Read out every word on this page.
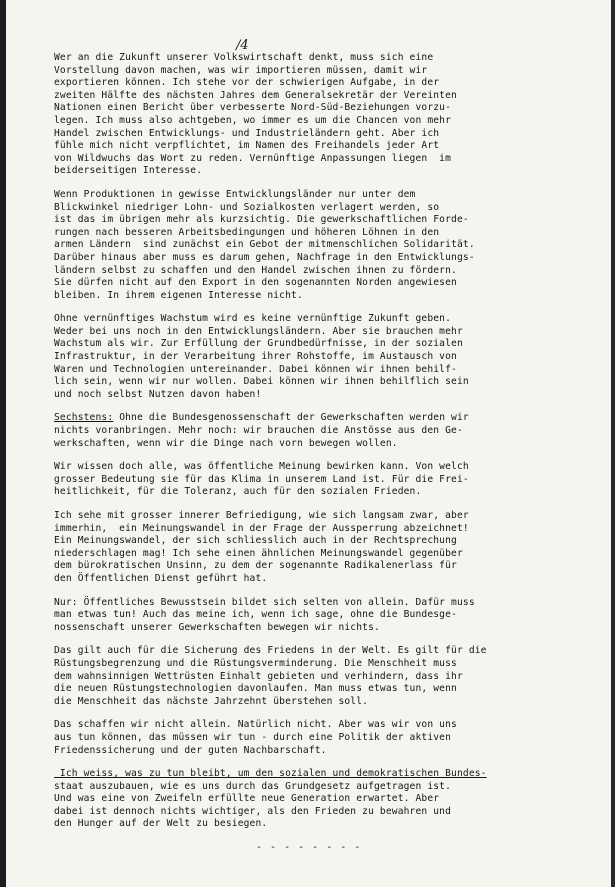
/4
Wer an die Zukunft unserer Volkswirtschaft denkt, muss sich eine
Vorstellung davon machen, was wir importieren müssen, damit wir
exportieren können. Ich stehe vor der schwierigen Aufgabe, in der
zweiten Hälfte des nächsten Jahres dem Generalsekretär der Vereinten
Nationen einen Bericht über verbesserte Nord-Süd-Beziehungen vorzu-
legen. Ich muss also achtgeben, wo immer es um die Chancen von mehr
Handel zwischen Entwicklungs- und Industrieländern geht. Aber ich
fühle mich nicht verpflichtet, im Namen des Freihandels jeder Art
von Wildwuchs das Wort zu reden. Vernünftige Anpassungen liegen  im
beiderseitigen Interesse.
Wenn Produktionen in gewisse Entwicklungsländer nur unter dem
Blickwinkel niedriger Lohn- und Sozialkosten verlagert werden, so
ist das im übrigen mehr als kurzsichtig. Die gewerkschaftlichen Forde-
rungen nach besseren Arbeitsbedingungen und höheren Löhnen in den
armen Ländern  sind zunächst ein Gebot der mitmenschlichen Solidarität.
Darüber hinaus aber muss es darum gehen, Nachfrage in den Entwicklungs-
ländern selbst zu schaffen und den Handel zwischen ihnen zu fördern.
Sie dürfen nicht auf den Export in den sogenannten Norden angewiesen
bleiben. In ihrem eigenen Interesse nicht.
Ohne vernünftiges Wachstum wird es keine vernünftige Zukunft geben.
Weder bei uns noch in den Entwicklungsländern. Aber sie brauchen mehr
Wachstum als wir. Zur Erfüllung der Grundbedürfnisse, in der sozialen
Infrastruktur, in der Verarbeitung ihrer Rohstoffe, im Austausch von
Waren und Technologien untereinander. Dabei können wir ihnen behilf-
lich sein, wenn wir nur wollen. Dabei können wir ihnen behilflich sein
und noch selbst Nutzen davon haben!
Sechstens: Ohne die Bundesgenossenschaft der Gewerkschaften werden wir
nichts voranbringen. Mehr noch: wir brauchen die Anstösse aus den Ge-
werkschaften, wenn wir die Dinge nach vorn bewegen wollen.
Wir wissen doch alle, was öffentliche Meinung bewirken kann. Von welch
grosser Bedeutung sie für das Klima in unserem Land ist. Für die Frei-
heitlichkeit, für die Toleranz, auch für den sozialen Frieden.
Ich sehe mit grosser innerer Befriedigung, wie sich langsam zwar, aber
immerhin,  ein Meinungswandel in der Frage der Aussperrung abzeichnet!
Ein Meinungswandel, der sich schliesslich auch in der Rechtsprechung
niederschlagen mag! Ich sehe einen ähnlichen Meinungswandel gegenüber
dem bürokratischen Unsinn, zu dem der sogenannte Radikalenerlass für
den Öffentlichen Dienst geführt hat.
Nur: Öffentliches Bewusstsein bildet sich selten von allein. Dafür muss
man etwas tun! Auch das meine ich, wenn ich sage, ohne die Bundesge-
nossenschaft unserer Gewerkschaften bewegen wir nichts.
Das gilt auch für die Sicherung des Friedens in der Welt. Es gilt für die
Rüstungsbegrenzung und die Rüstungsverminderung. Die Menschheit muss
dem wahnsinnigen Wettrüsten Einhalt gebieten und verhindern, dass ihr
die neuen Rüstungstechnologien davonlaufen. Man muss etwas tun, wenn
die Menschheit das nächste Jahrzehnt überstehen soll.
Das schaffen wir nicht allein. Natürlich nicht. Aber was wir von uns
aus tun können, das müssen wir tun - durch eine Politik der aktiven
Friedenssicherung und der guten Nachbarschaft.
Ich weiss, was zu tun bleibt, um den sozialen und demokratischen Bundes-
staat auszubauen, wie es uns durch das Grundgesetz aufgetragen ist.
Und was eine von Zweifeln erfüllte neue Generation erwartet. Aber
dabei ist dennoch nichts wichtiger, als den Frieden zu bewahren und
den Hunger auf der Welt zu besiegen.
- - - - - - - -
